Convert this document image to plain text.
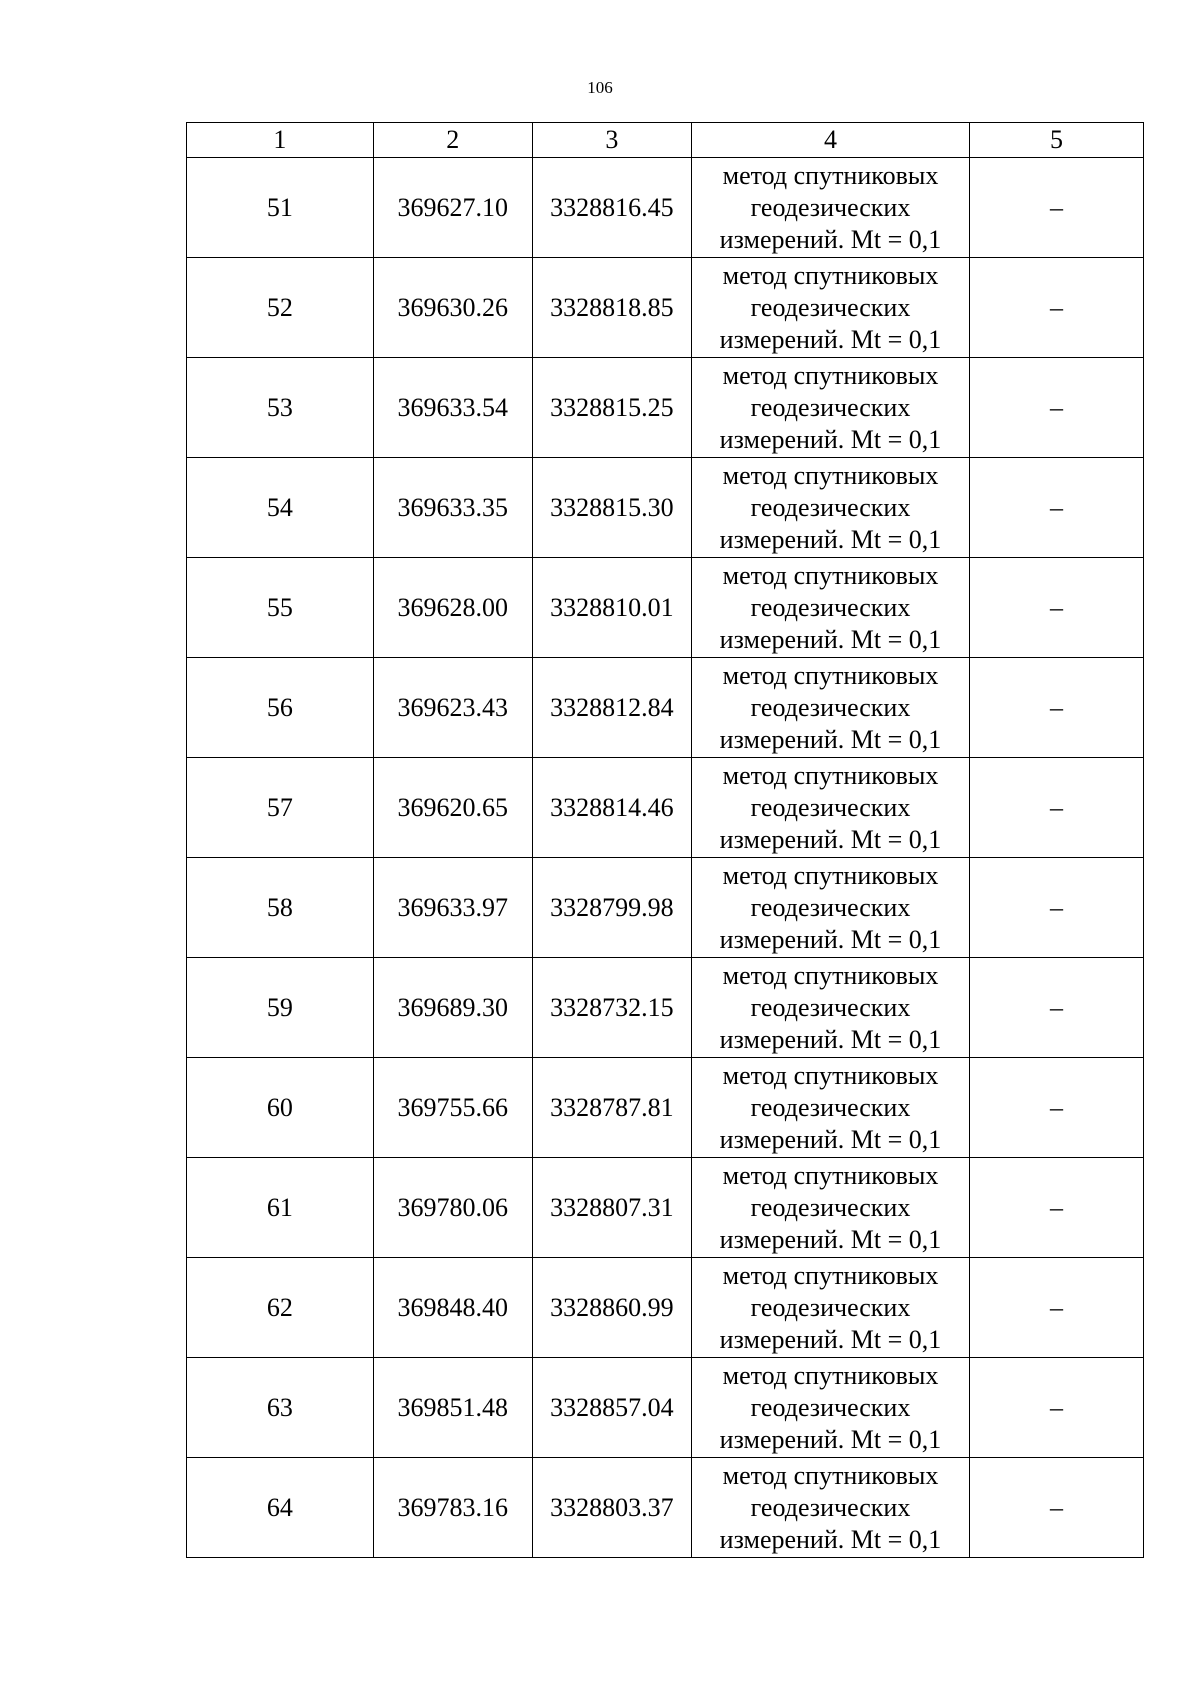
106
1	2	3	4	5
51	369627.10	3328816.45	метод спутниковых
геодезических
измерений. Mt = 0,1	–
52	369630.26	3328818.85	метод спутниковых
геодезических
измерений. Mt = 0,1	–
53	369633.54	3328815.25	метод спутниковых
геодезических
измерений. Mt = 0,1	–
54	369633.35	3328815.30	метод спутниковых
геодезических
измерений. Mt = 0,1	–
55	369628.00	3328810.01	метод спутниковых
геодезических
измерений. Mt = 0,1	–
56	369623.43	3328812.84	метод спутниковых
геодезических
измерений. Mt = 0,1	–
57	369620.65	3328814.46	метод спутниковых
геодезических
измерений. Mt = 0,1	–
58	369633.97	3328799.98	метод спутниковых
геодезических
измерений. Mt = 0,1	–
59	369689.30	3328732.15	метод спутниковых
геодезических
измерений. Mt = 0,1	–
60	369755.66	3328787.81	метод спутниковых
геодезических
измерений. Mt = 0,1	–
61	369780.06	3328807.31	метод спутниковых
геодезических
измерений. Mt = 0,1	–
62	369848.40	3328860.99	метод спутниковых
геодезических
измерений. Mt = 0,1	–
63	369851.48	3328857.04	метод спутниковых
геодезических
измерений. Mt = 0,1	–
64	369783.16	3328803.37	метод спутниковых
геодезических
измерений. Mt = 0,1	–
